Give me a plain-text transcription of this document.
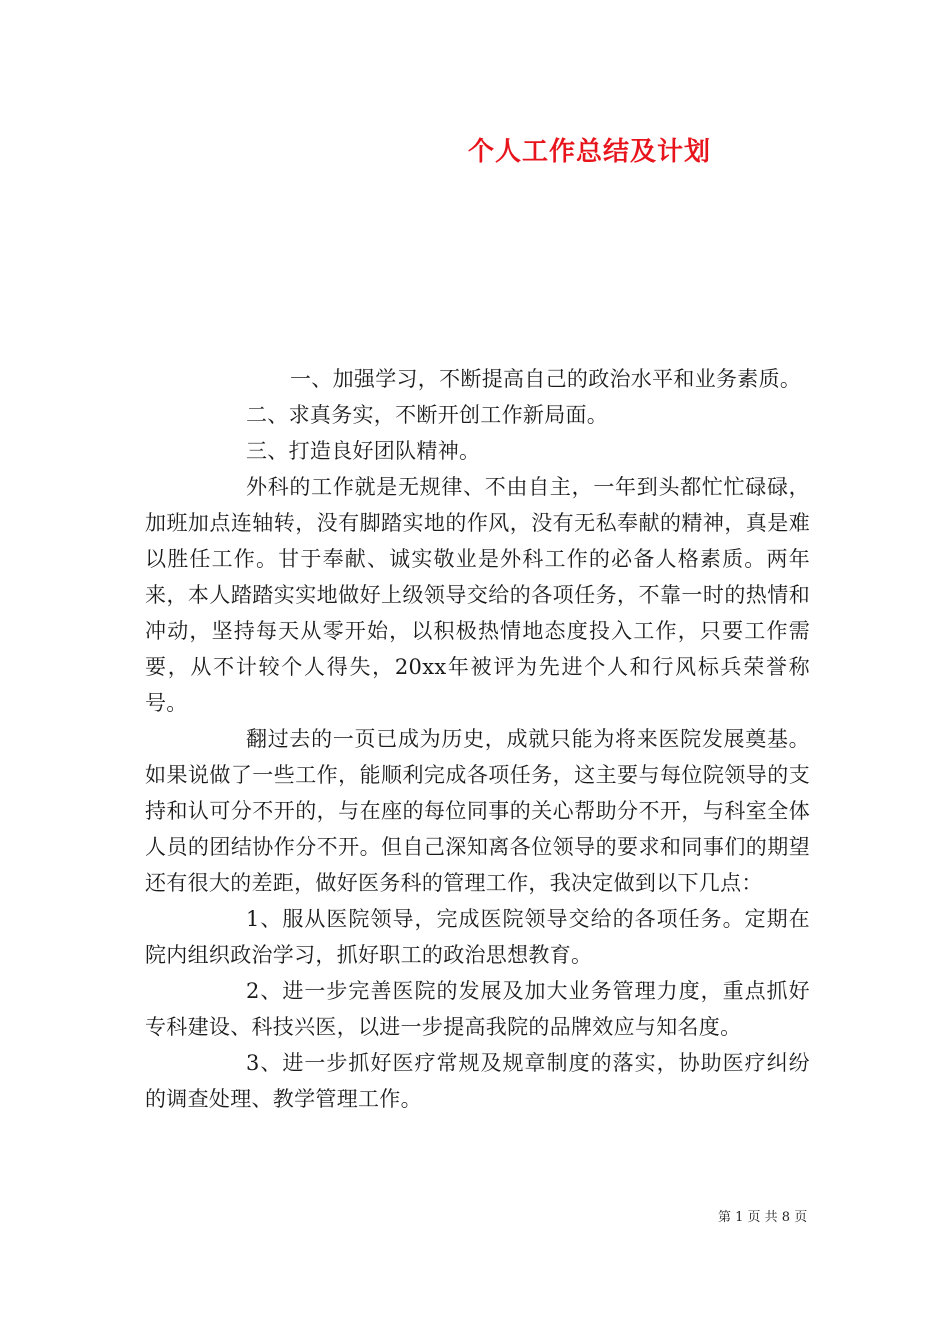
个人工作总结及计划

一、加强学习，不断提高自己的政治水平和业务素质。

二、求真务实，不断开创工作新局面。

三、打造良好团队精神。

外科的工作就是无规律、不由自主，一年到头都忙忙碌碌，加班加点连轴转，没有脚踏实地的作风，没有无私奉献的精神，真是难以胜任工作。甘于奉献、诚实敬业是外科工作的必备人格素质。两年来，本人踏踏实实地做好上级领导交给的各项任务，不靠一时的热情和冲动，坚持每天从零开始，以积极热情地态度投入工作，只要工作需要，从不计较个人得失，20xx年被评为先进个人和行风标兵荣誉称号。

翻过去的一页已成为历史，成就只能为将来医院发展奠基。如果说做了一些工作，能顺利完成各项任务，这主要与每位院领导的支持和认可分不开的，与在座的每位同事的关心帮助分不开，与科室全体人员的团结协作分不开。但自己深知离各位领导的要求和同事们的期望还有很大的差距，做好医务科的管理工作，我决定做到以下几点：

1、服从医院领导，完成医院领导交给的各项任务。定期在院内组织政治学习，抓好职工的政治思想教育。

2、进一步完善医院的发展及加大业务管理力度，重点抓好专科建设、科技兴医，以进一步提高我院的品牌效应与知名度。

3、进一步抓好医疗常规及规章制度的落实，协助医疗纠纷的调查处理、教学管理工作。

第 1 页 共 8 页
